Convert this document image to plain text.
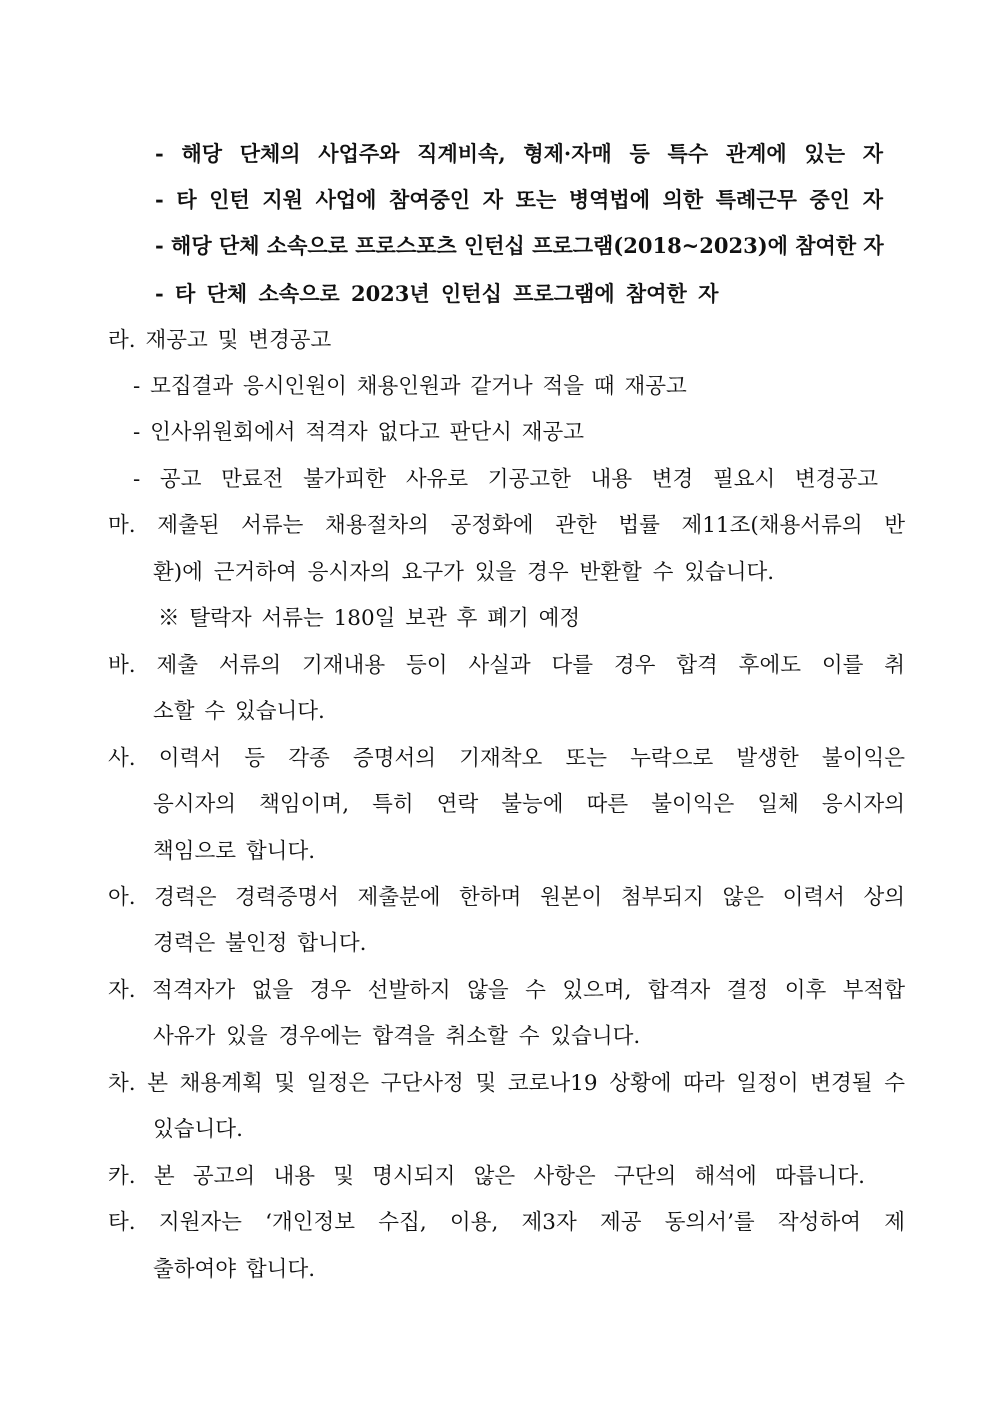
- 해당 단체의 사업주와 직계비속, 형제·자매 등 특수 관계에 있는 자
- 타 인턴 지원 사업에 참여중인 자 또는 병역법에 의한 특례근무 중인 자
- 해당 단체 소속으로 프로스포츠 인턴십 프로그램(2018~2023)에 참여한 자
- 타 단체 소속으로 2023년 인턴십 프로그램에 참여한 자
라. 재공고 및 변경공고
- 모집결과 응시인원이 채용인원과 같거나 적을 때 재공고
- 인사위원회에서 적격자 없다고 판단시 재공고
- 공고 만료전 불가피한 사유로 기공고한 내용 변경 필요시 변경공고
마. 제출된 서류는 채용절차의 공정화에 관한 법률 제11조(채용서류의 반
환)에 근거하여 응시자의 요구가 있을 경우 반환할 수 있습니다.
※ 탈락자 서류는 180일 보관 후 폐기 예정
바. 제출 서류의 기재내용 등이 사실과 다를 경우 합격 후에도 이를 취
소할 수 있습니다.
사. 이력서 등 각종 증명서의 기재착오 또는 누락으로 발생한 불이익은
응시자의 책임이며, 특히 연락 불능에 따른 불이익은 일체 응시자의
책임으로 합니다.
아. 경력은 경력증명서 제출분에 한하며 원본이 첨부되지 않은 이력서 상의
경력은 불인정 합니다.
자. 적격자가 없을 경우 선발하지 않을 수 있으며, 합격자 결정 이후 부적합
사유가 있을 경우에는 합격을 취소할 수 있습니다.
차. 본 채용계획 및 일정은 구단사정 및 코로나19 상황에 따라 일정이 변경될 수
있습니다.
카. 본 공고의 내용 및 명시되지 않은 사항은 구단의 해석에 따릅니다.
타. 지원자는 ‘개인정보 수집, 이용, 제3자 제공 동의서’를 작성하여 제
출하여야 합니다.
